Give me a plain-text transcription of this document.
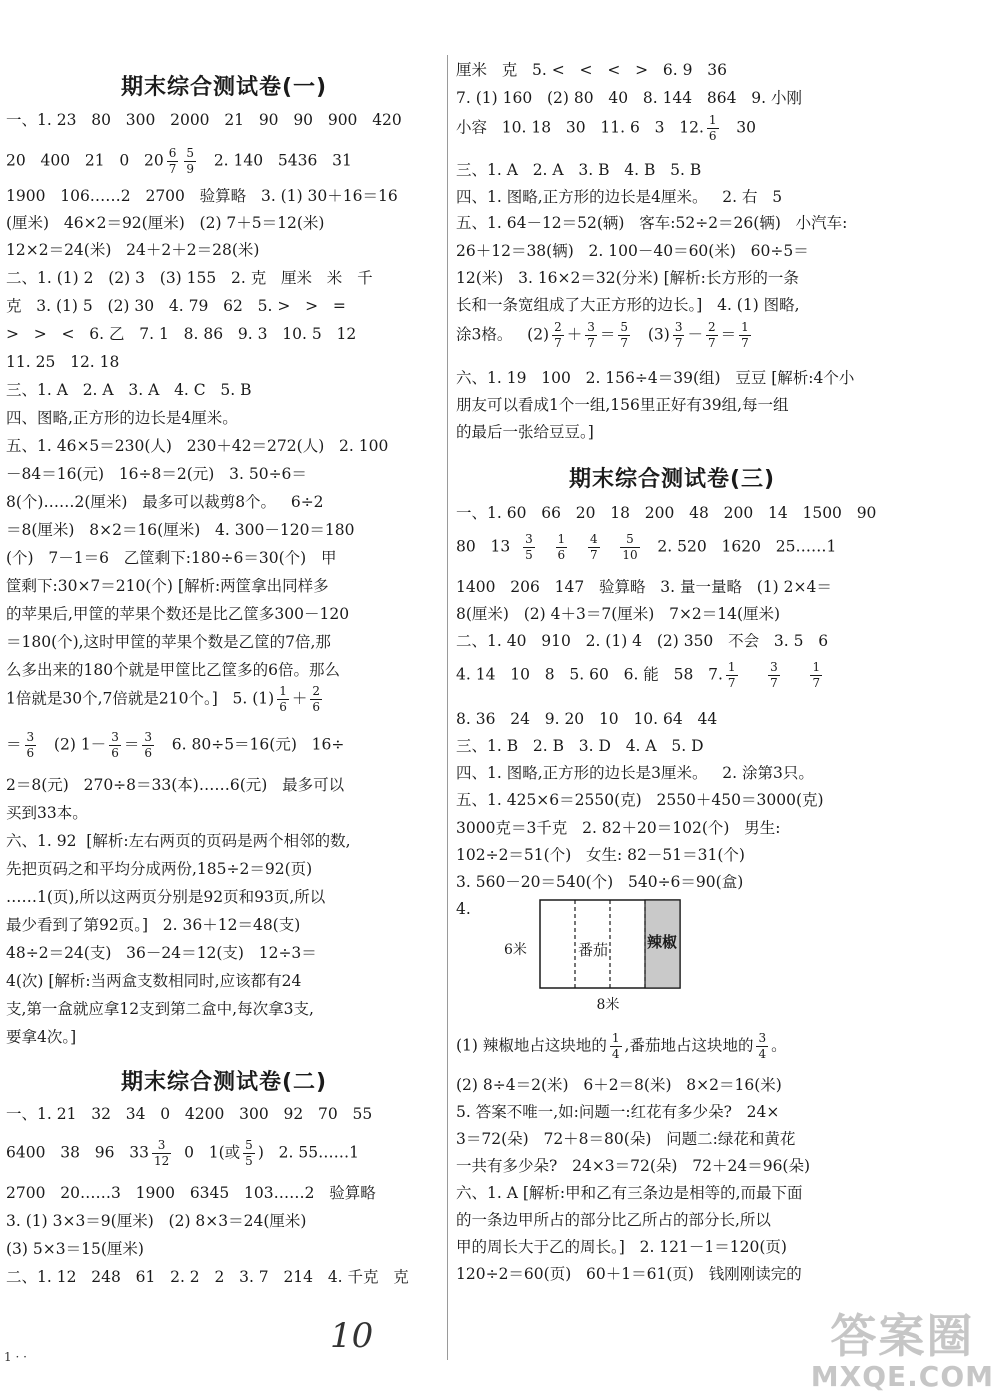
期末综合测试卷(一)
一、1. 23   80   300   2000   21   90   90   900   420
20   400   21   0   $20 \frac{6}{7} \frac{5}{9} 2$. 140   5436   31
1900   106……2   2700   验算略   3. (1) 30＋16＝16
(厘米)   46×2＝92(厘米)   (2) 7＋5＝12(米)
12×2＝24(米)   24＋2＋2＝28(米)
二、1. (1) 2   (2) 3   (3) 155   2. 克   厘米   米   千
克   3. (1) 5   (2) 30   4. 79   62   5. >   >   =
>   >   <   6. 乙   7. 1   8. 86   9. 3   10. 5   12
11. 25   12. 18
三、1. A   2. A   3. A   4. C   5. B
四、图略,正方形的边长是4厘米。
五、1. 46×5＝230(人)   230＋42＝272(人)   2. 100
－84＝16(元)   16÷8＝2(元)   3. 50÷6＝
8(个)……2(厘米)   最多可以裁剪8个。   6÷2
＝8(厘米)   8×2＝16(厘米)   4. 300－120＝180
(个)   7－1＝6   乙筐剩下:180÷6＝30(个)   甲
筐剩下:30×7＝210(个) [解析:两筐拿出同样多
的苹果后,甲筐的苹果个数还是比乙筐多300－120
＝180(个),这时甲筐的苹果个数是乙筐的7倍,那
么多出来的180个就是甲筐比乙筐多的6倍。那么
1倍就是30个,7倍就是210个。]   5. $(1) \frac{1}{6} + \frac{2}{6}$
＝ $\frac{3}{6} (2)$ $1- \frac{3}{6} = \frac{3}{6} 6$. 80÷5＝16(元)   16÷
2＝8(元)   270÷8＝33(本)……6(元)   最多可以
买到33本。
六、1. 92  [解析:左右两页的页码是两个相邻的数,
先把页码之和平均分成两份,185÷2＝92(页)
……1(页),所以这两页分别是92页和93页,所以
最少看到了第92页。]   2. 36＋12＝48(支)
48÷2＝24(支)   36－24＝12(支)   12÷3＝
4(次) [解析:当两盒支数相同时,应该都有24
支,第一盒就应拿12支到第二盒中,每次拿3支,
要拿4次。]
期末综合测试卷(二)
一、1. 21   32   34   0   4200   300   92   70   55
6400   38   96   $33 \frac{3}{12} 0$   1(或 $\frac{5}{5}$ )   2. 55……1
2700   20……3   1900   6345   103……2   验算略
3. (1) 3×3＝9(厘米)   (2) 8×3＝24(厘米)
(3) 5×3＝15(厘米)
二、1. 12   248   61   2. 2   2   3. 7   214   4. 千克   克
厘米   克   5. <   <   <   >   6. 9   36
7. (1) 160   (2) 80   40   8. 144   864   9. 小刚
小容   10. 18   30   11. 6   3   12. $\frac{1}{6} 30$
三、1. A   2. A   3. B   4. B   5. B
四、1. 图略,正方形的边长是4厘米。   2. 右   5
五、1. 64－12＝52(辆)   客车:52÷2＝26(辆)   小汽车:
26＋12＝38(辆)   2. 100－40＝60(米)   60÷5＝
12(米)   3. 16×2＝32(分米) [解析:长方形的一条
长和一条宽组成了大正方形的边长。]   4. (1) 图略,
涂3格。   $(2) \frac{2}{7} + \frac{3}{7} = \frac{5}{7} (3) \frac{3}{7} - \frac{2}{7} = \frac{1}{7}$
六、1. 19   100   2. 156÷4＝39(组)   豆豆 [解析:4个小
朋友可以看成1个一组,156里正好有39组,每一组
的最后一张给豆豆。]
期末综合测试卷(三)
一、1. 60   66   20   18   200   48   200   14   1500   90
80   $13 \frac{3}{5}$
$\frac{1}{6}$
$\frac{4}{7}$
$\frac{5}{10} 2$. 520   1620   25……1
1400   206   147   验算略   3. 量一量略   (1) 2×4＝
8(厘米)   (2) 4＋3＝7(厘米)   7×2＝14(厘米)
二、1. 40   910   2. (1) 4   (2) 350   不会   3. 5   6
4. 14   10   8   5. 60   6. 能   58   7. $\frac{1}{7}$
	$\frac{3}{7}$
	$\frac{1}{7}$
8. 36   24   9. 20   10   10. 64   44
三、1. B   2. B   3. D   4. A   5. D
四、1. 图略,正方形的边长是3厘米。   2. 涂第3只。
五、1. 425×6＝2550(克)   2550＋450＝3000(克)
3000克＝3千克   2. 82＋20＝102(个)   男生:
102÷2＝51(个)   女生: 82－51＝31(个)
3. 560－20＝540(个)   540÷6＝90(盒)
4.
(1) 辣椒地占这块地的 $\frac{1}{4}$ ,番茄地占这块地的 $\frac{3}{4}$ 。
(2) 8÷4＝2(米)   6＋2＝8(米)   8×2＝16(米)
5. 答案不唯一,如:问题一:红花有多少朵?   24×
3＝72(朵)   72＋8＝80(朵)   问题二:绿花和黄花
一共有多少朵?   24×3＝72(朵)   72＋24＝96(朵)
六、1. A [解析:甲和乙有三条边是相等的,而最下面
的一条边甲所占的部分比乙所占的部分长,所以
甲的周长大于乙的周长。]   2. 121－1＝120(页)
120÷2＝60(页)   60＋1＝61(页)   钱刚刚读完的
6米	番茄	辣椒
8米
10
1 · ·	答案圈
MXQE.COM
